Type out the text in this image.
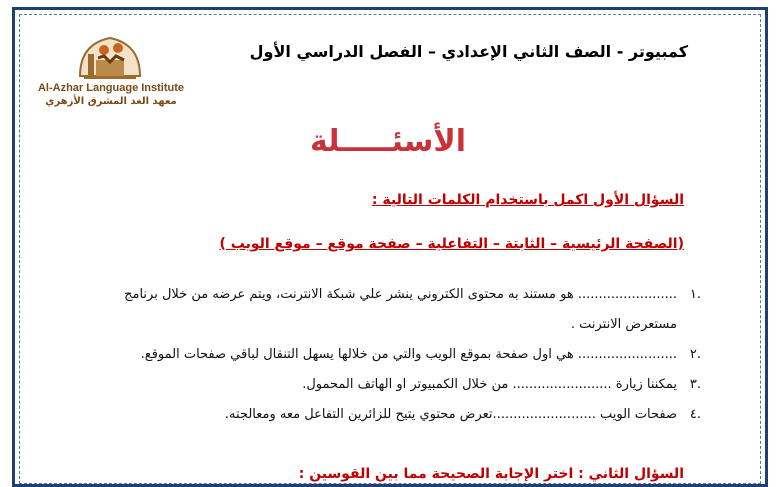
Al-Azhar Language Institute
معهد الغد المشرق الأزهري
كمبيوتر - الصف الثاني الإعدادي – الفصل الدراسي الأول
الأسئـــــلة
السؤال الأول اكمل باستخدام الكلمات التالية :
(الصفحة الرئيسية – الثابتة – التفاعلية – صفحة موقع – موقع الويب )
.١
........................ هو مستند به محتوى الكتروني ينشر علي شبكة الانترنت، ويتم عرضه من خلال برنامج مستعرض الانترنت .
.٢
........................ هي اول صفحة بموقع الويب والتي من خلالها يسهل التنقال لباقي صفحات الموقع.
.٣
يمكننا زيارة ........................ من خلال الكمبيوتر او الهاتف المحمول.
.٤
صفحات الويب .........................تعرض محتوي يتيح للزائرين التفاعل معه ومعالجته.
السؤال الثاني : اختر الإجابة الصحيحة مما بين القوسين :
